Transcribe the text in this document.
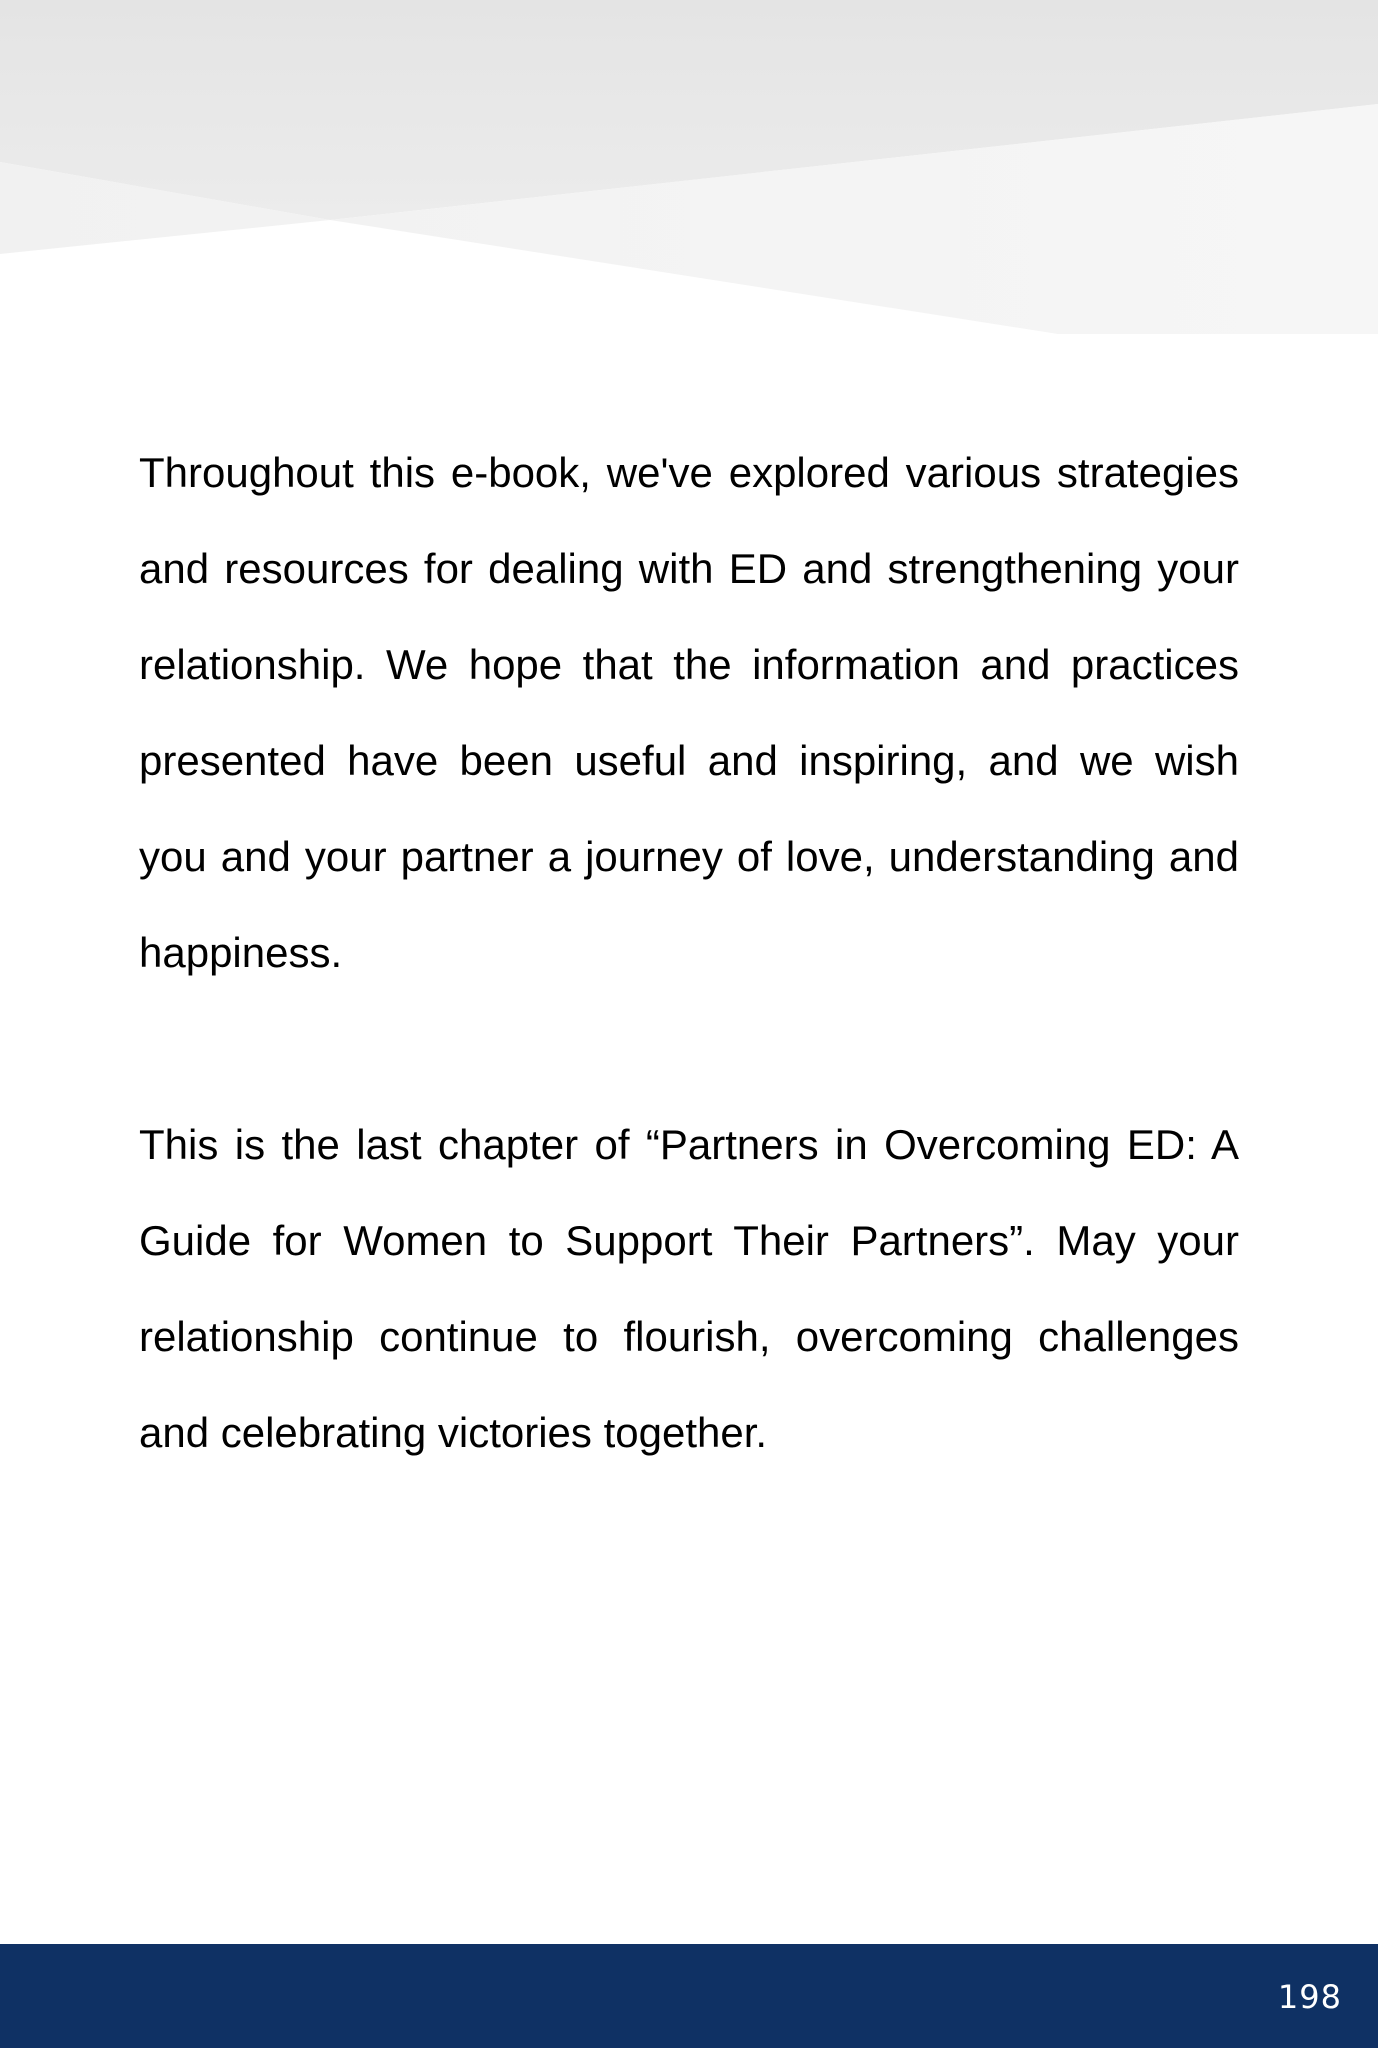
Throughout this e-book, we've explored various strategies and resources for dealing with ED and strengthening your relationship. We hope that the information and practices presented have been useful and inspiring, and we wish you and your partner a journey of love, understanding and happiness.

This is the last chapter of “Partners in Overcoming ED: A Guide for Women to Support Their Partners”. May your relationship continue to flourish, overcoming challenges and celebrating victories together.

198
